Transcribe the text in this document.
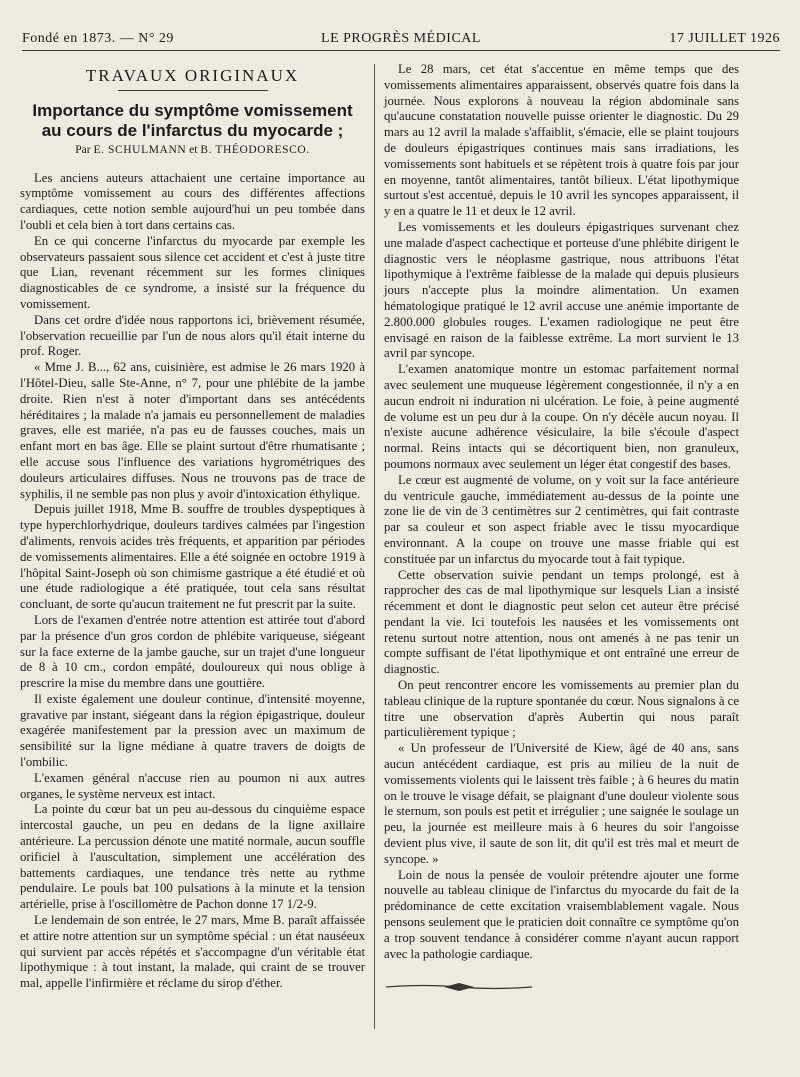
Fondé en 1873. — N° 29	LE PROGRÈS MÉDICAL	17 JUILLET 1926
TRAVAUX ORIGINAUX
Importance du symptôme vomissement
au cours de l'infarctus du myocarde ;
Par E. SCHULMANN et B. THÉODORESCO.

Les anciens auteurs attachaient une certaine importance au symptôme vomissement au cours des différentes affections cardiaques, cette notion semble aujourd'hui un peu tombée dans l'oubli et cela bien à tort dans certains cas.

En ce qui concerne l'infarctus du myocarde par exemple les observateurs passaient sous silence cet accident et c'est à juste titre que Lian, revenant récemment sur les formes cliniques diagnosticables de ce syndrome, a insisté sur la fréquence du vomissement.

Dans cet ordre d'idée nous rapportons ici, brièvement résumée, l'observation recueillie par l'un de nous alors qu'il était interne du prof. Roger.

« Mme J. B..., 62 ans, cuisinière, est admise le 26 mars 1920 à l'Hôtel-Dieu, salle Ste-Anne, n° 7, pour une phlébite de la jambe droite. Rien n'est à noter d'important dans ses antécédents héréditaires ; la malade n'a jamais eu personnellement de maladies graves, elle est mariée, n'a pas eu de fausses couches, mais un enfant mort en bas âge. Elle se plaint surtout d'être rhumatisante ; elle accuse sous l'influence des variations hygrométriques des douleurs articulaires diffuses. Nous ne trouvons pas de trace de syphilis, il ne semble pas non plus y avoir d'intoxication éthylique.

Depuis juillet 1918, Mme B. souffre de troubles dyspeptiques à type hyperchlorhydrique, douleurs tardives calmées par l'ingestion d'aliments, renvois acides très fréquents, et apparition par périodes de vomissements alimentaires. Elle a été soignée en octobre 1919 à l'hôpital Saint-Joseph où son chimisme gastrique a été étudié et où une étude radiologique a été pratiquée, tout cela sans résultat concluant, de sorte qu'aucun traitement ne fut prescrit par la suite.

Lors de l'examen d'entrée notre attention est attirée tout d'abord par la présence d'un gros cordon de phlébite variqueuse, siégeant sur la face externe de la jambe gauche, sur un trajet d'une longueur de 8 à 10 cm., cordon empâté, douloureux qui nous oblige à prescrire la mise du membre dans une gouttière.

Il existe également une douleur continue, d'intensité moyenne, gravative par instant, siégeant dans la région épigastrique, douleur exagérée manifestement par la pression avec un maximum de sensibilité sur la ligne médiane à quatre travers de doigts de l'ombilic.

L'examen général n'accuse rien au poumon ni aux autres organes, le système nerveux est intact.

La pointe du cœur bat un peu au-dessous du cinquième espace intercostal gauche, un peu en dedans de la ligne axillaire antérieure. La percussion dénote une matité normale, aucun souffle orificiel à l'auscultation, simplement une accélération des battements cardiaques, une tendance très nette au rythme pendulaire. Le pouls bat 100 pulsations à la minute et la tension artérielle, prise à l'oscillomètre de Pachon donne 17 1/2-9.

Le lendemain de son entrée, le 27 mars, Mme B. paraît affaissée et attire notre attention sur un symptôme spécial : un état nauséeux qui survient par accès répétés et s'accompagne d'un véritable état lipothymique : à tout instant, la malade, qui craint de se trouver mal, appelle l'infirmière et réclame du sirop d'éther.

Le 28 mars, cet état s'accentue en même temps que des vomissements alimentaires apparaissent, observés quatre fois dans la journée. Nous explorons à nouveau la région abdominale sans qu'aucune constatation nouvelle puisse orienter le diagnostic. Du 29 mars au 12 avril la malade s'affaiblit, s'émacie, elle se plaint toujours de douleurs épigastriques continues mais sans irradiations, les vomissements sont habituels et se répètent trois à quatre fois par jour en moyenne, tantôt alimentaires, tantôt bilieux. L'état lipothymique surtout s'est accentué, depuis le 10 avril les syncopes apparaissent, il y en a quatre le 11 et deux le 12 avril.

Les vomissements et les douleurs épigastriques survenant chez une malade d'aspect cachectique et porteuse d'une phlébite dirigent le diagnostic vers le néoplasme gastrique, nous attribuons l'état lipothymique à l'extrême faiblesse de la malade qui depuis plusieurs jours n'accepte plus la moindre alimentation. Un examen hématologique pratiqué le 12 avril accuse une anémie importante de 2.800.000 globules rouges. L'examen radiologique ne peut être envisagé en raison de la faiblesse extrême. La mort survient le 13 avril par syncope.

L'examen anatomique montre un estomac parfaitement normal avec seulement une muqueuse légèrement congestionnée, il n'y a en aucun endroit ni induration ni ulcération. Le foie, à peine augmenté de volume est un peu dur à la coupe. On n'y décèle aucun noyau. Il n'existe aucune adhérence vésiculaire, la bile s'écoule d'aspect normal. Reins intacts qui se décortiquent bien, non granuleux, poumons normaux avec seulement un léger état congestif des bases.

Le cœur est augmenté de volume, on y voit sur la face antérieure du ventricule gauche, immédiatement au-dessus de la pointe une zone lie de vin de 3 centimètres sur 2 centimètres, qui fait contraste par sa couleur et son aspect friable avec le tissu myocardique environnant. A la coupe on trouve une masse friable qui est constituée par un infarctus du myocarde tout à fait typique.

Cette observation suivie pendant un temps prolongé, est à rapprocher des cas de mal lipothymique sur lesquels Lian a insisté récemment et dont le diagnostic peut selon cet auteur être précisé pendant la vie. Ici toutefois les nausées et les vomissements ont retenu surtout notre attention, nous ont amenés à ne pas tenir un compte suffisant de l'état lipothymique et ont entraîné une erreur de diagnostic.

On peut rencontrer encore les vomissements au premier plan du tableau clinique de la rupture spontanée du cœur. Nous signalons à ce titre une observation d'après Aubertin qui nous paraît particulièrement typique ;

« Un professeur de l'Université de Kiew, âgé de 40 ans, sans aucun antécédent cardiaque, est pris au milieu de la nuit de vomissements violents qui le laissent très faible ; à 6 heures du matin on le trouve le visage défait, se plaignant d'une douleur violente sous le sternum, son pouls est petit et irrégulier ; une saignée le soulage un peu, la journée est meilleure mais à 6 heures du soir l'angoisse devient plus vive, il saute de son lit, dit qu'il est très mal et meurt de syncope. »

Loin de nous la pensée de vouloir prétendre ajouter une forme nouvelle au tableau clinique de l'infarctus du myocarde du fait de la prédominance de cette excitation vraisemblablement vagale. Nous pensons seulement que le praticien doit connaître ce symptôme qu'on a trop souvent tendance à considérer comme n'ayant aucun rapport avec la pathologie cardiaque.
